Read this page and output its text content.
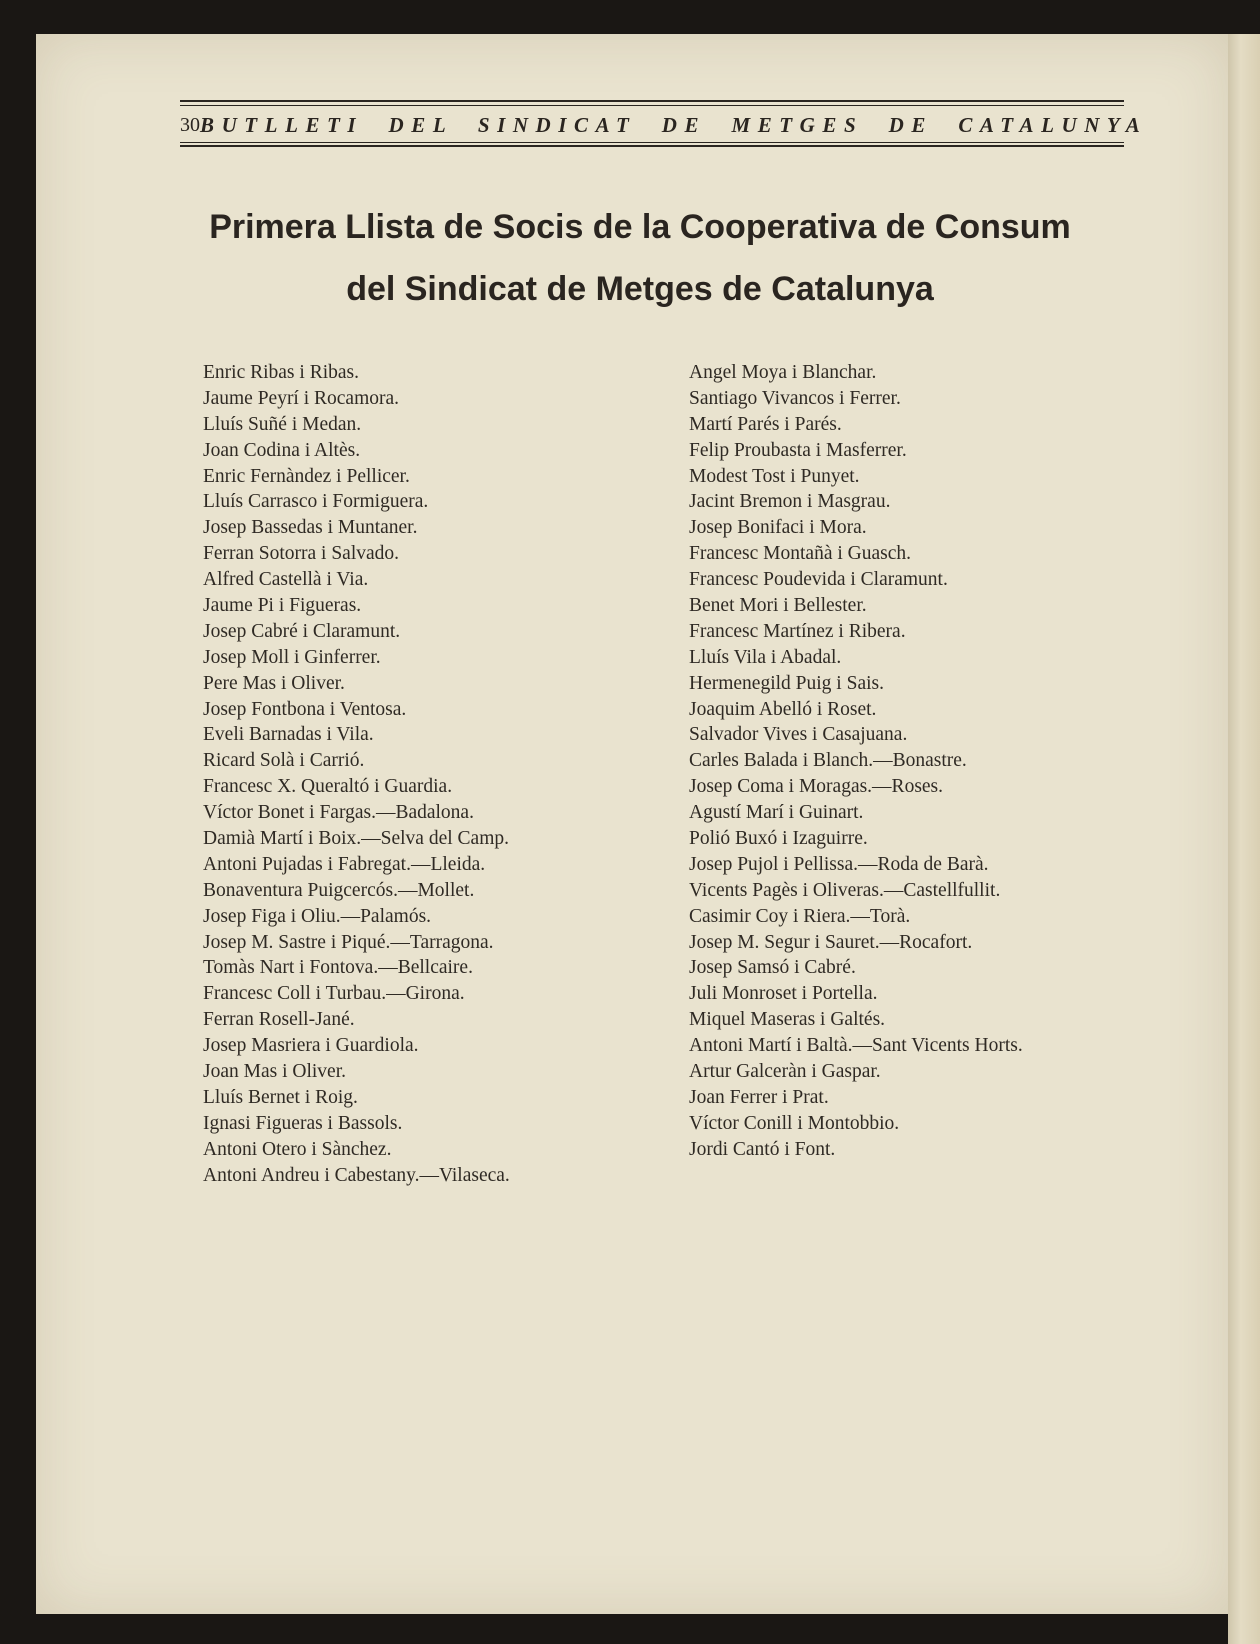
30 BUTLLETI DEL SINDICAT DE METGES DE CATALUNYA
Primera Llista de Socis de la Cooperativa de Consum
del Sindicat de Metges de Catalunya
Enric Ribas i Ribas.
Jaume Peyrí i Rocamora.
Lluís Suñé i Medan.
Joan Codina i Altès.
Enric Fernàndez i Pellicer.
Lluís Carrasco i Formiguera.
Josep Bassedas i Muntaner.
Ferran Sotorra i Salvado.
Alfred Castellà i Via.
Jaume Pi i Figueras.
Josep Cabré i Claramunt.
Josep Moll i Ginferrer.
Pere Mas i Oliver.
Josep Fontbona i Ventosa.
Eveli Barnadas i Vila.
Ricard Solà i Carrió.
Francesc X. Queraltó i Guardia.
Víctor Bonet i Fargas.—Badalona.
Damià Martí i Boix.—Selva del Camp.
Antoni Pujadas i Fabregat.—Lleida.
Bonaventura Puigcercós.—Mollet.
Josep Figa i Oliu.—Palamós.
Josep M. Sastre i Piqué.—Tarragona.
Tomàs Nart i Fontova.—Bellcaire.
Francesc Coll i Turbau.—Girona.
Ferran Rosell-Jané.
Josep Masriera i Guardiola.
Joan Mas i Oliver.
Lluís Bernet i Roig.
Ignasi Figueras i Bassols.
Antoni Otero i Sànchez.
Antoni Andreu i Cabestany.—Vilaseca.
Angel Moya i Blanchar.
Santiago Vivancos i Ferrer.
Martí Parés i Parés.
Felip Proubasta i Masferrer.
Modest Tost i Punyet.
Jacint Bremon i Masgrau.
Josep Bonifaci i Mora.
Francesc Montañà i Guasch.
Francesc Poudevida i Claramunt.
Benet Mori i Bellester.
Francesc Martínez i Ribera.
Lluís Vila i Abadal.
Hermenegild Puig i Sais.
Joaquim Abelló i Roset.
Salvador Vives i Casajuana.
Carles Balada i Blanch.—Bonastre.
Josep Coma i Moragas.—Roses.
Agustí Marí i Guinart.
Polió Buxó i Izaguirre.
Josep Pujol i Pellissa.—Roda de Barà.
Vicents Pagès i Oliveras.—Castellfullit.
Casimir Coy i Riera.—Torà.
Josep M. Segur i Sauret.—Rocafort.
Josep Samsó i Cabré.
Juli Monroset i Portella.
Miquel Maseras i Galtés.
Antoni Martí i Baltà.—Sant Vicents Horts.
Artur Galceràn i Gaspar.
Joan Ferrer i Prat.
Víctor Conill i Montobbio.
Jordi Cantó i Font.
